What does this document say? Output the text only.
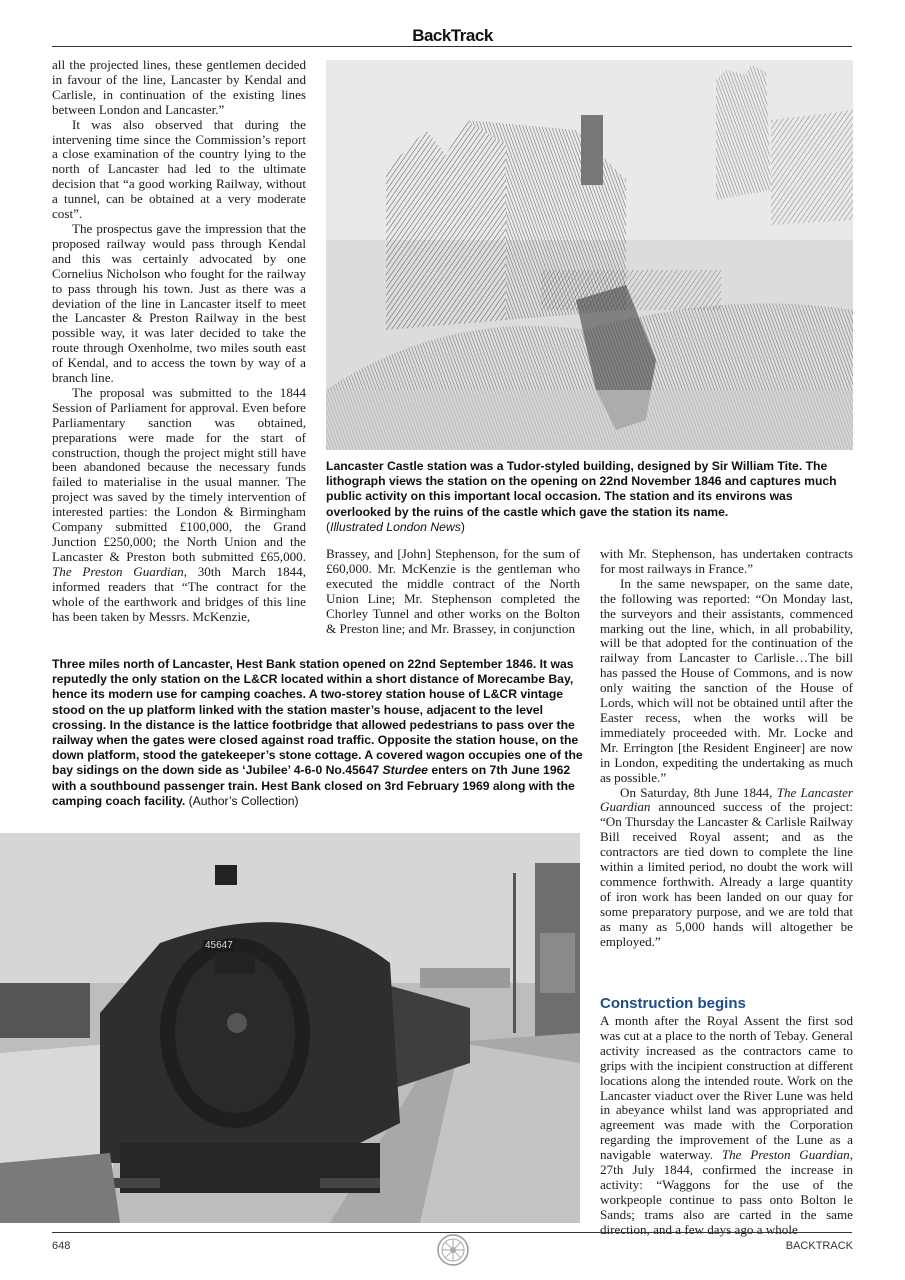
BackTrack

all the projected lines, these gentlemen decided in favour of the line, Lancaster by Kendal and Carlisle, in continuation of the existing lines between London and Lancaster.”

It was also observed that during the intervening time since the Commission’s report a close examination of the country lying to the north of Lancaster had led to the ultimate decision that “a good working Railway, without a tunnel, can be obtained at a very moderate cost”.

The prospectus gave the impression that the proposed railway would pass through Kendal and this was certainly advocated by one Cornelius Nicholson who fought for the railway to pass through his town. Just as there was a deviation of the line in Lancaster itself to meet the Lancaster & Preston Railway in the best possible way, it was later decided to take the route through Oxenholme, two miles south east of Kendal, and to access the town by way of a branch line.

The proposal was submitted to the 1844 Session of Parliament for approval. Even before Parliamentary sanction was obtained, preparations were made for the start of construction, though the project might still have been abandoned because the necessary funds failed to materialise in the usual manner. The project was saved by the timely intervention of interested parties: the London & Birmingham Company submitted £100,000, the Grand Junction £250,000; the North Union and the Lancaster & Preston both submitted £65,000. The Preston Guardian, 30th March 1844, informed readers that “The contract for the whole of the earthwork and bridges of this line has been taken by Messrs. McKenzie,

Lancaster Castle station was a Tudor-styled building, designed by Sir William Tite. The lithograph views the station on the opening on 22nd November 1846 and captures much public activity on this important local occasion. The station and its environs was overlooked by the ruins of the castle which gave the station its name.
(Illustrated London News)

Brassey, and [John] Stephenson, for the sum of £60,000. Mr. McKenzie is the gentleman who executed the middle contract of the North Union Line; Mr. Stephenson completed the Chorley Tunnel and other works on the Bolton & Preston line; and Mr. Brassey, in conjunction

with Mr. Stephenson, has undertaken contracts for most railways in France.”

In the same newspaper, on the same date, the following was reported: “On Monday last, the surveyors and their assistants, commenced marking out the line, which, in all probability, will be that adopted for the continuation of the railway from Lancaster to Carlisle…The bill has passed the House of Commons, and is now only waiting the sanction of the House of Lords, which will not be obtained until after the Easter recess, when the works will be immediately proceeded with. Mr. Locke and Mr. Errington [the Resident Engineer] are now in London, expediting the undertaking as much as possible.”

On Saturday, 8th June 1844, The Lancaster Guardian announced success of the project: “On Thursday the Lancaster & Carlisle Railway Bill received Royal assent; and as the contractors are tied down to complete the line within a limited period, no doubt the work will commence forthwith. Already a large quantity of iron work has been landed on our quay for some preparatory purpose, and we are told that as many as 5,000 hands will altogether be employed.”

Three miles north of Lancaster, Hest Bank station opened on 22nd September 1846. It was reputedly the only station on the L&CR located within a short distance of Morecambe Bay, hence its modern use for camping coaches. A two-storey station house of L&CR vintage stood on the up platform linked with the station master’s house, adjacent to the level crossing. In the distance is the lattice footbridge that allowed pedestrians to pass over the railway when the gates were closed against road traffic. Opposite the station house, on the down platform, stood the gatekeeper’s stone cottage. A covered wagon occupies one of the bay sidings on the down side as ‘Jubilee’ 4-6-0 No.45647 Sturdee enters on 7th June 1962 with a southbound passenger train. Hest Bank closed on 3rd February 1969 along with the camping coach facility. (Author’s Collection)
45647
Construction begins

A month after the Royal Assent the first sod was cut at a place to the north of Tebay. General activity increased as the contractors came to grips with the incipient construction at different locations along the intended route. Work on the Lancaster viaduct over the River Lune was held in abeyance whilst land was appropriated and agreement was made with the Corporation regarding the improvement of the Lune as a navigable waterway. The Preston Guardian, 27th July 1844, confirmed the increase in activity: “Waggons for the use of the workpeople continue to pass onto Bolton le Sands; trams also are carted in the same direction, and a few days ago a whole

648	BACKTRACK
